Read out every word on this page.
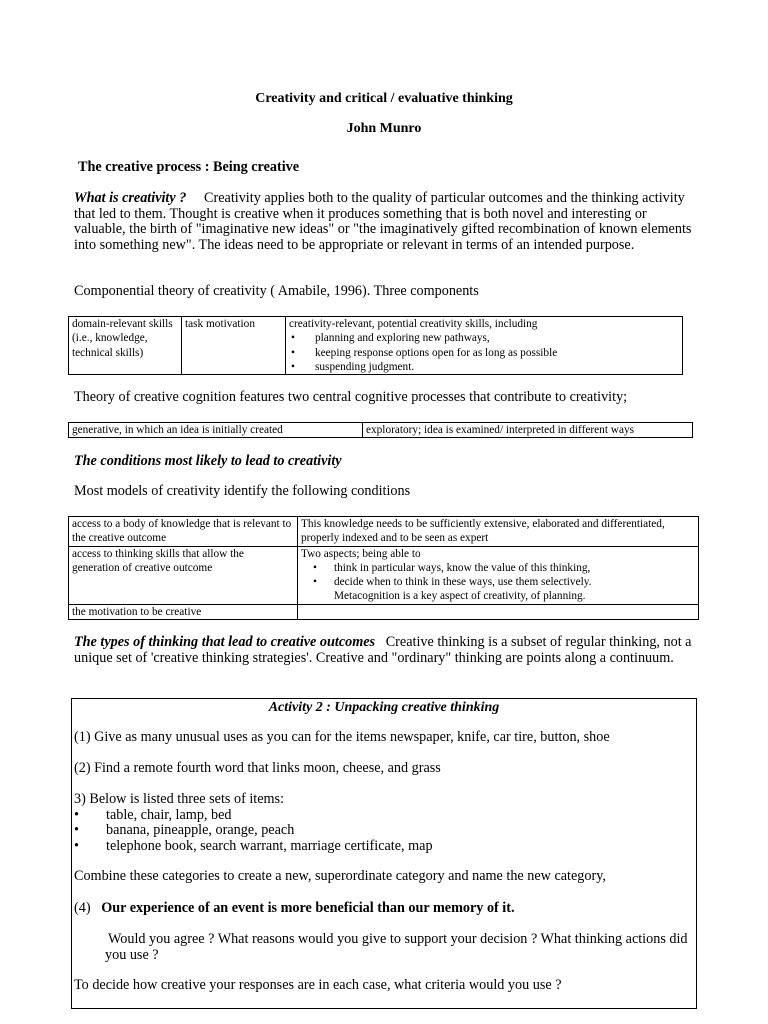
Creativity and critical / evaluative thinking
John Munro
The creative process : Being creative
What is creativity ? Creativity applies both to the quality of particular outcomes and the thinking activity that led to them. Thought is creative when it produces something that is both novel and interesting or valuable, the birth of "imaginative new ideas" or "the imaginatively gifted recombination of known elements into something new". The ideas need to be appropriate or relevant in terms of an intended purpose.
Componential theory of creativity ( Amabile, 1996). Three components
domain-relevant skills (i.e., knowledge, technical skills)	task motivation	creativity-relevant, potential creativity skills, including
• planning and exploring new pathways,
• keeping response options open for as long as possible
• suspending judgment.
Theory of creative cognition features two central cognitive processes that contribute to creativity;
generative, in which an idea is initially created	exploratory; idea is examined/ interpreted in different ways
The conditions most likely to lead to creativity
Most models of creativity identify the following conditions
access to a body of knowledge that is relevant to the creative outcome	This knowledge needs to be sufficiently extensive, elaborated and differentiated, properly indexed and to be seen as expert
access to thinking skills that allow the generation of creative outcome	Two aspects; being able to
• think in particular ways, know the value of this thinking,
• decide when to think in these ways, use them selectively.
Metacognition is a key aspect of creativity, of planning.

the motivation to be creative	
The types of thinking that lead to creative outcomes Creative thinking is a subset of regular thinking, not a unique set of 'creative thinking strategies'. Creative and "ordinary" thinking are points along a continuum.
Activity 2 : Unpacking creative thinking
(1) Give as many unusual uses as you can for the items newspaper, knife, car tire, button, shoe
(2) Find a remote fourth word that links moon, cheese, and grass
3) Below is listed three sets of items:
• table, chair, lamp, bed
• banana, pineapple, orange, peach
• telephone book, search warrant, marriage certificate, map
Combine these categories to create a new, superordinate category and name the new category,
(4) Our experience of an event is more beneficial than our memory of it.
Would you agree ? What reasons would you give to support your decision ? What thinking actions did you use ?
To decide how creative your responses are in each case, what criteria would you use ?
